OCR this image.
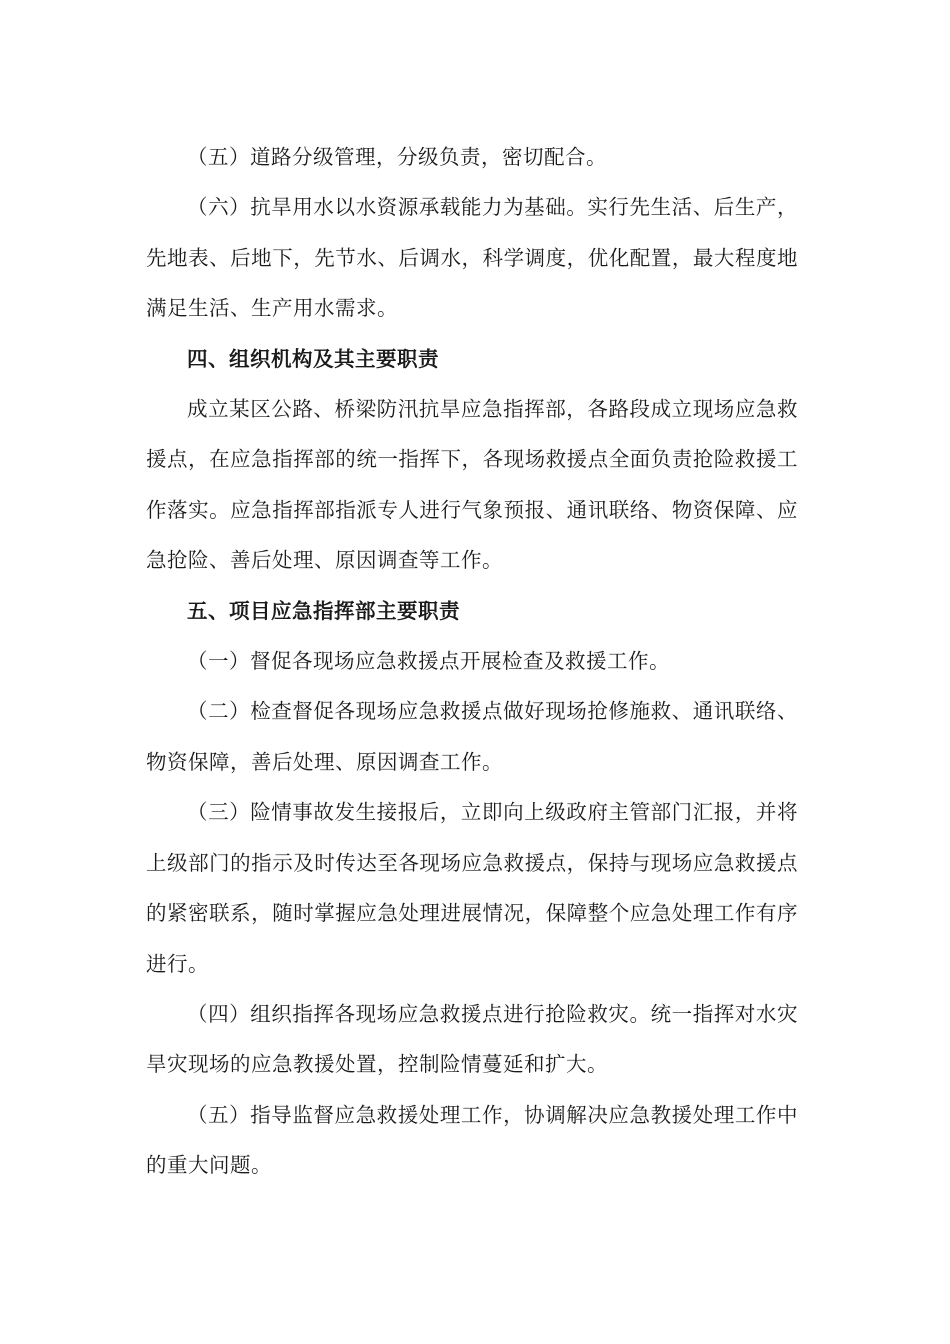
（五）道路分级管理，分级负责，密切配合。

（六）抗旱用水以水资源承载能力为基础。实行先生活、后生产，先地表、后地下，先节水、后调水，科学调度，优化配置，最大程度地满足生活、生产用水需求。

四、组织机构及其主要职责

成立某区公路、桥梁防汛抗旱应急指挥部，各路段成立现场应急救援点，在应急指挥部的统一指挥下，各现场救援点全面负责抢险救援工作落实。应急指挥部指派专人进行气象预报、通讯联络、物资保障、应急抢险、善后处理、原因调查等工作。

五、项目应急指挥部主要职责

（一）督促各现场应急救援点开展检查及救援工作。

（二）检查督促各现场应急救援点做好现场抢修施救、通讯联络、物资保障，善后处理、原因调查工作。

（三）险情事故发生接报后，立即向上级政府主管部门汇报，并将上级部门的指示及时传达至各现场应急救援点，保持与现场应急救援点的紧密联系，随时掌握应急处理进展情况，保障整个应急处理工作有序进行。

（四）组织指挥各现场应急救援点进行抢险救灾。统一指挥对水灾旱灾现场的应急教援处置，控制险情蔓延和扩大。

（五）指导监督应急救援处理工作，协调解决应急教援处理工作中的重大问题。
